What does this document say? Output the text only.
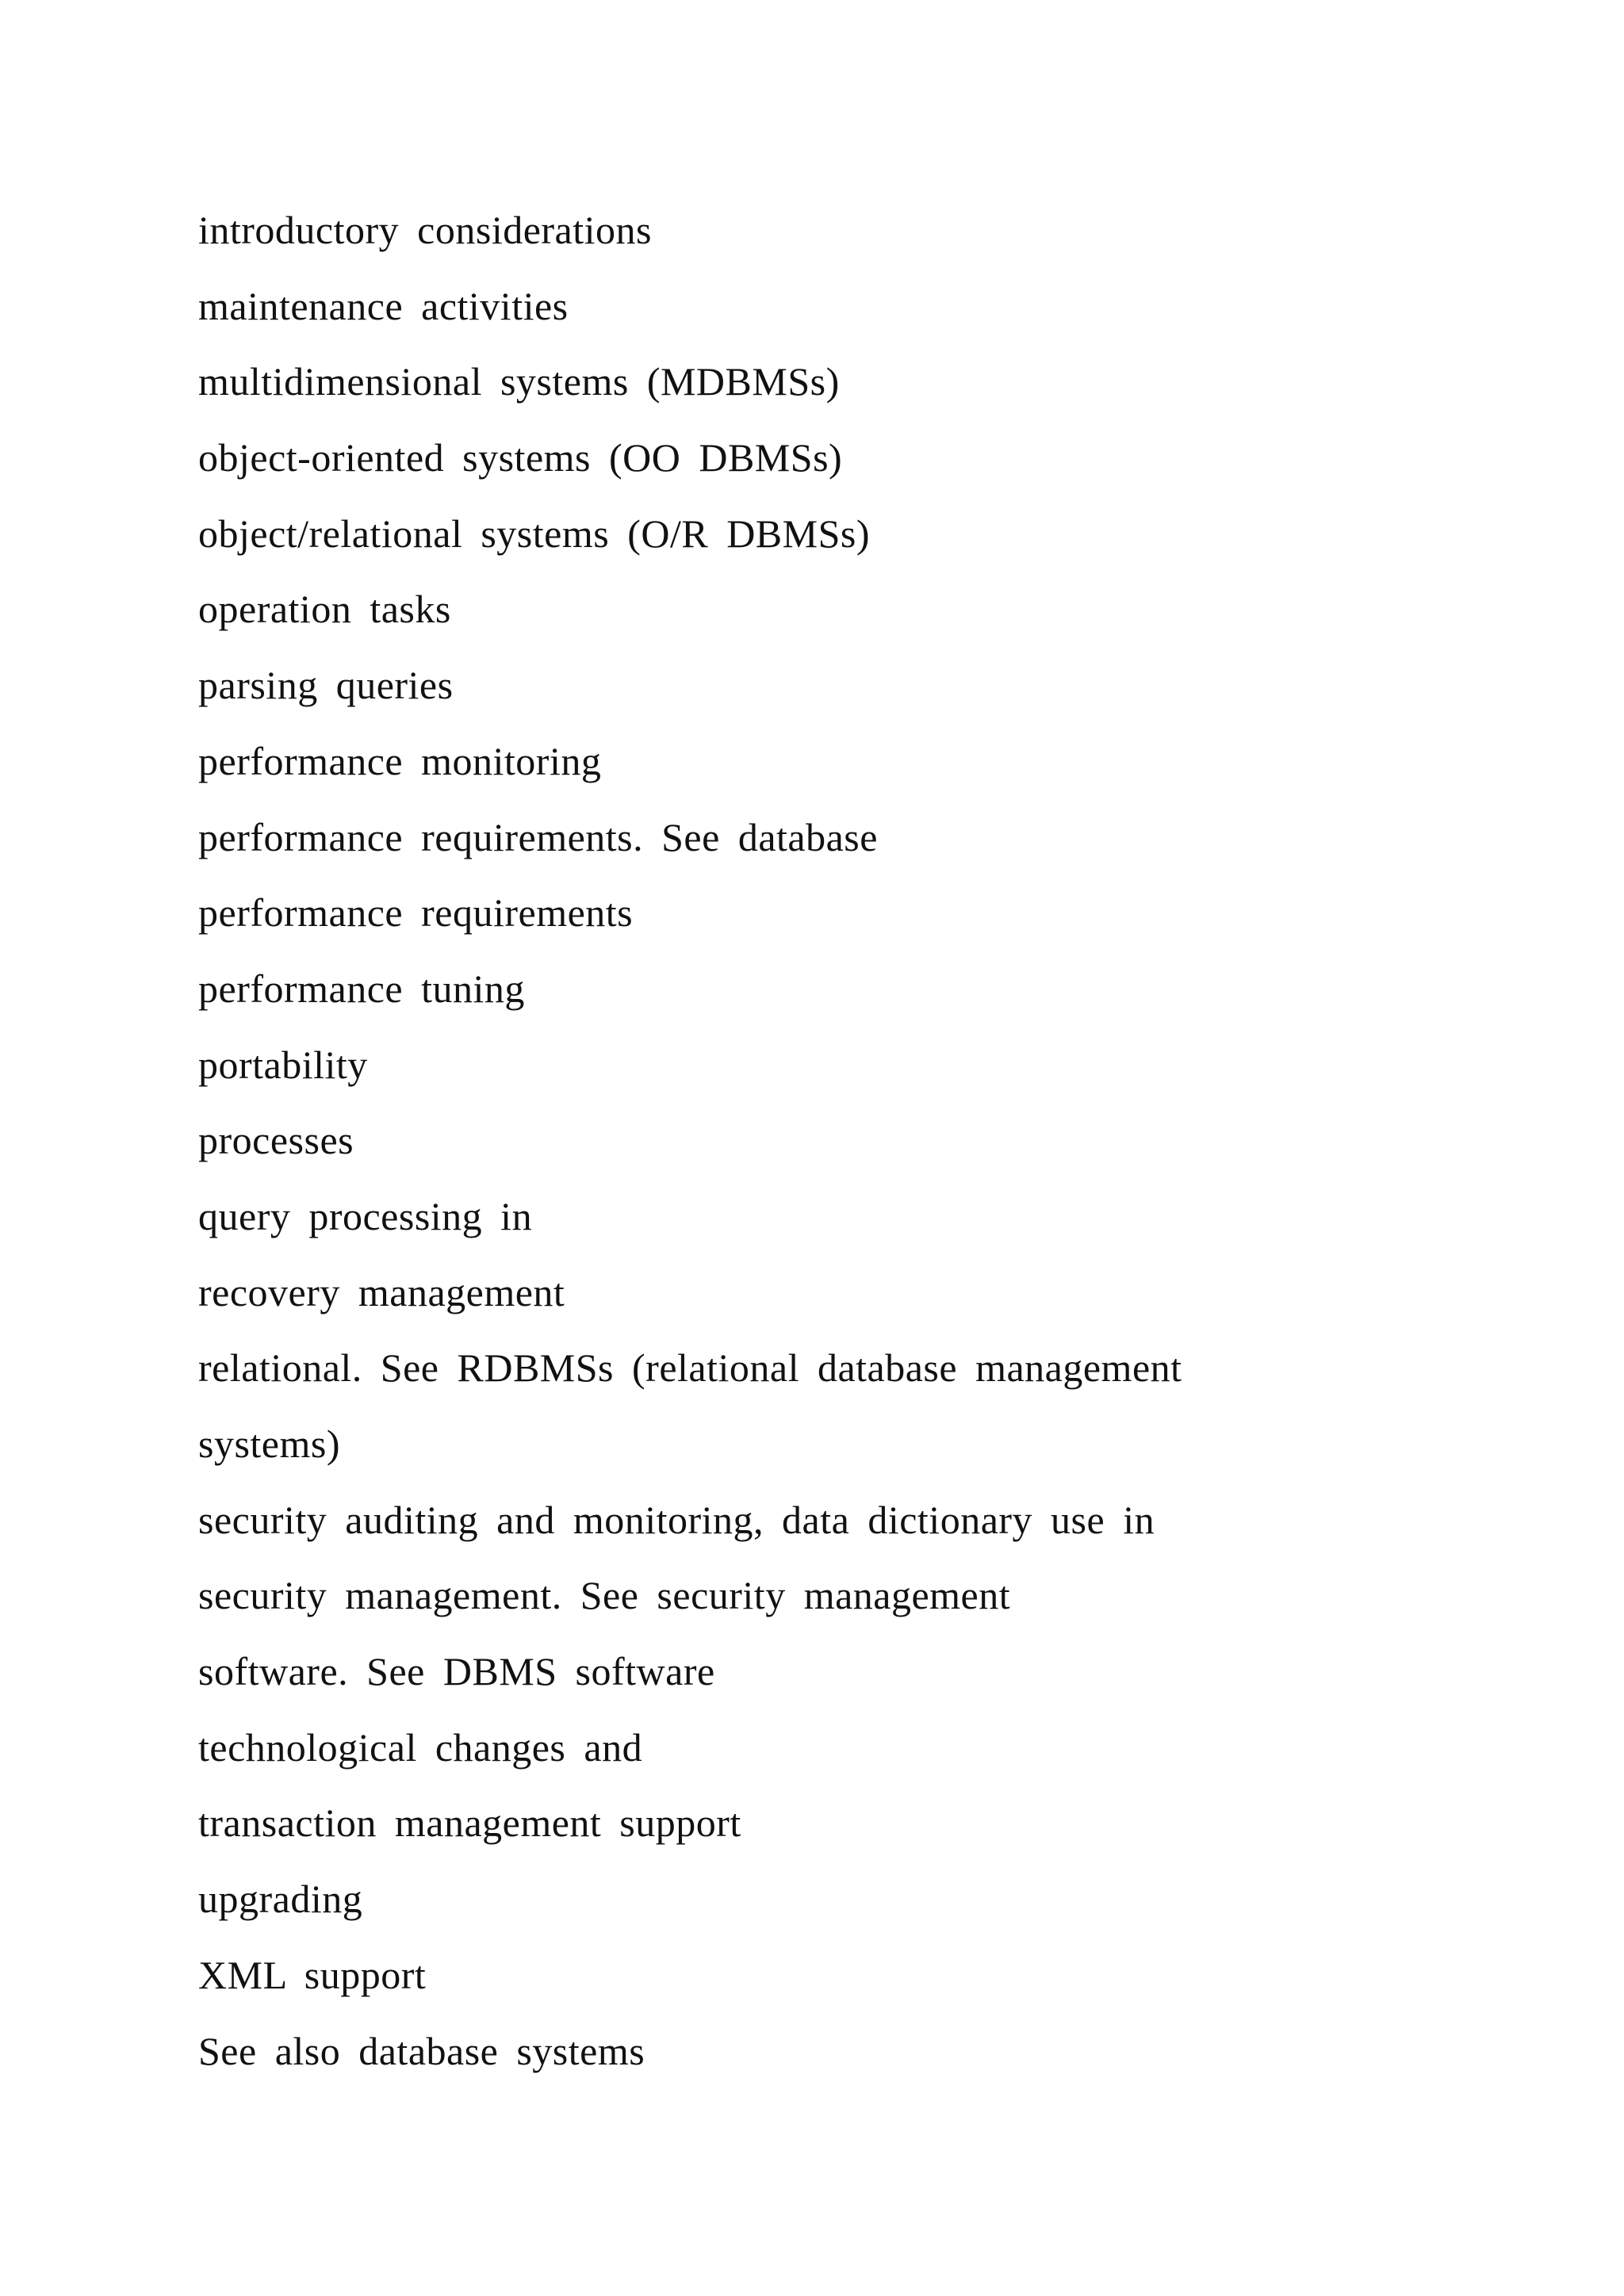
introductory considerations
maintenance activities
multidimensional systems (MDBMSs)
object-oriented systems (OO DBMSs)
object/relational systems (O/R DBMSs)
operation tasks
parsing queries
performance monitoring
performance requirements. See database
performance requirements
performance tuning
portability
processes
query processing in
recovery management
relational. See RDBMSs (relational database management
systems)
security auditing and monitoring, data dictionary use in
security management. See security management
software. See DBMS software
technological changes and
transaction management support
upgrading
XML support
See also database systems
